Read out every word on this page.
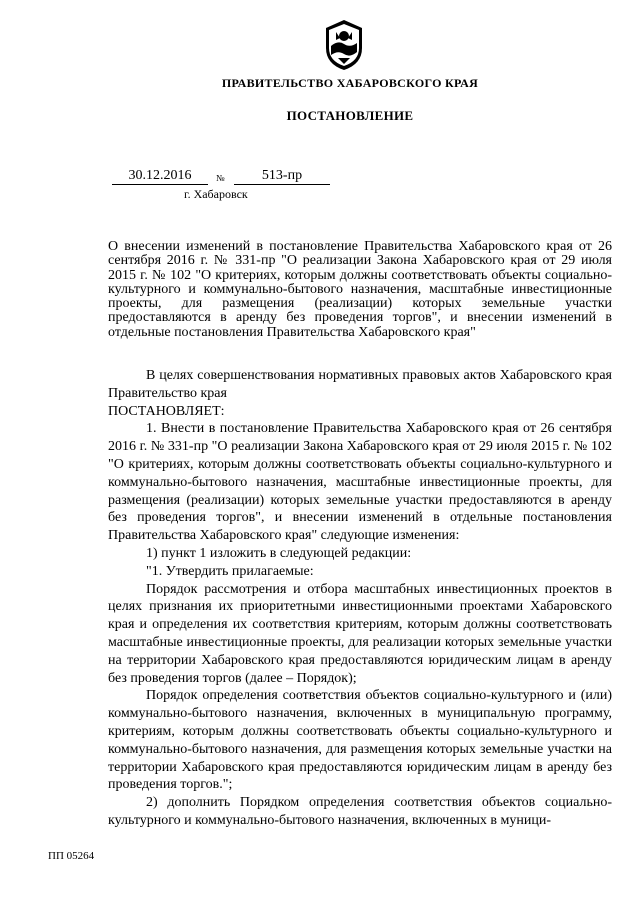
ПРАВИТЕЛЬСТВО ХАБАРОВСКОГО КРАЯ
ПОСТАНОВЛЕНИЕ
30.12.2016	№	513-пр
г. Хабаровск

О внесении изменений в постановление Правительства Хабаровского края от 26 сентября 2016 г. № 331-пр "О реализации Закона Хабаровского края от 29 июля 2015 г. № 102 "О критериях, которым должны соответствовать объекты социально-культурного и коммунально-бытового назначения, масштабные инвестиционные проекты, для размещения (реализации) которых земельные участки предоставляются в аренду без проведения торгов", и внесении изменений в отдельные постановления Правительства Хабаровского края"

В целях совершенствования нормативных правовых актов Хабаровского края Правительство края

ПОСТАНОВЛЯЕТ:

1. Внести в постановление Правительства Хабаровского края от 26 сентября 2016 г. № 331-пр "О реализации Закона Хабаровского края от 29 июля 2015 г. № 102 "О критериях, которым должны соответствовать объекты социально-культурного и коммунально-бытового назначения, масштабные инвестиционные проекты, для размещения (реализации) которых земельные участки предоставляются в аренду без проведения торгов", и внесении изменений в отдельные постановления Правительства Хабаровского края" следующие изменения:

1) пункт 1 изложить в следующей редакции:

"1. Утвердить прилагаемые:

Порядок рассмотрения и отбора масштабных инвестиционных проектов в целях признания их приоритетными инвестиционными проектами Хабаровского края и определения их соответствия критериям, которым должны соответствовать масштабные инвестиционные проекты, для реализации которых земельные участки на территории Хабаровского края предоставляются юридическим лицам в аренду без проведения торгов (далее – Порядок);

Порядок определения соответствия объектов социально-культурного и (или) коммунально-бытового назначения, включенных в муниципальную программу, критериям, которым должны соответствовать объекты социально-культурного и коммунально-бытового назначения, для размещения которых земельные участки на территории Хабаровского края предоставляются юридическим лицам в аренду без проведения торгов.";

2) дополнить Порядком определения соответствия объектов социально-культурного и коммунально-бытового назначения, включенных в муници-

ПП 05264
